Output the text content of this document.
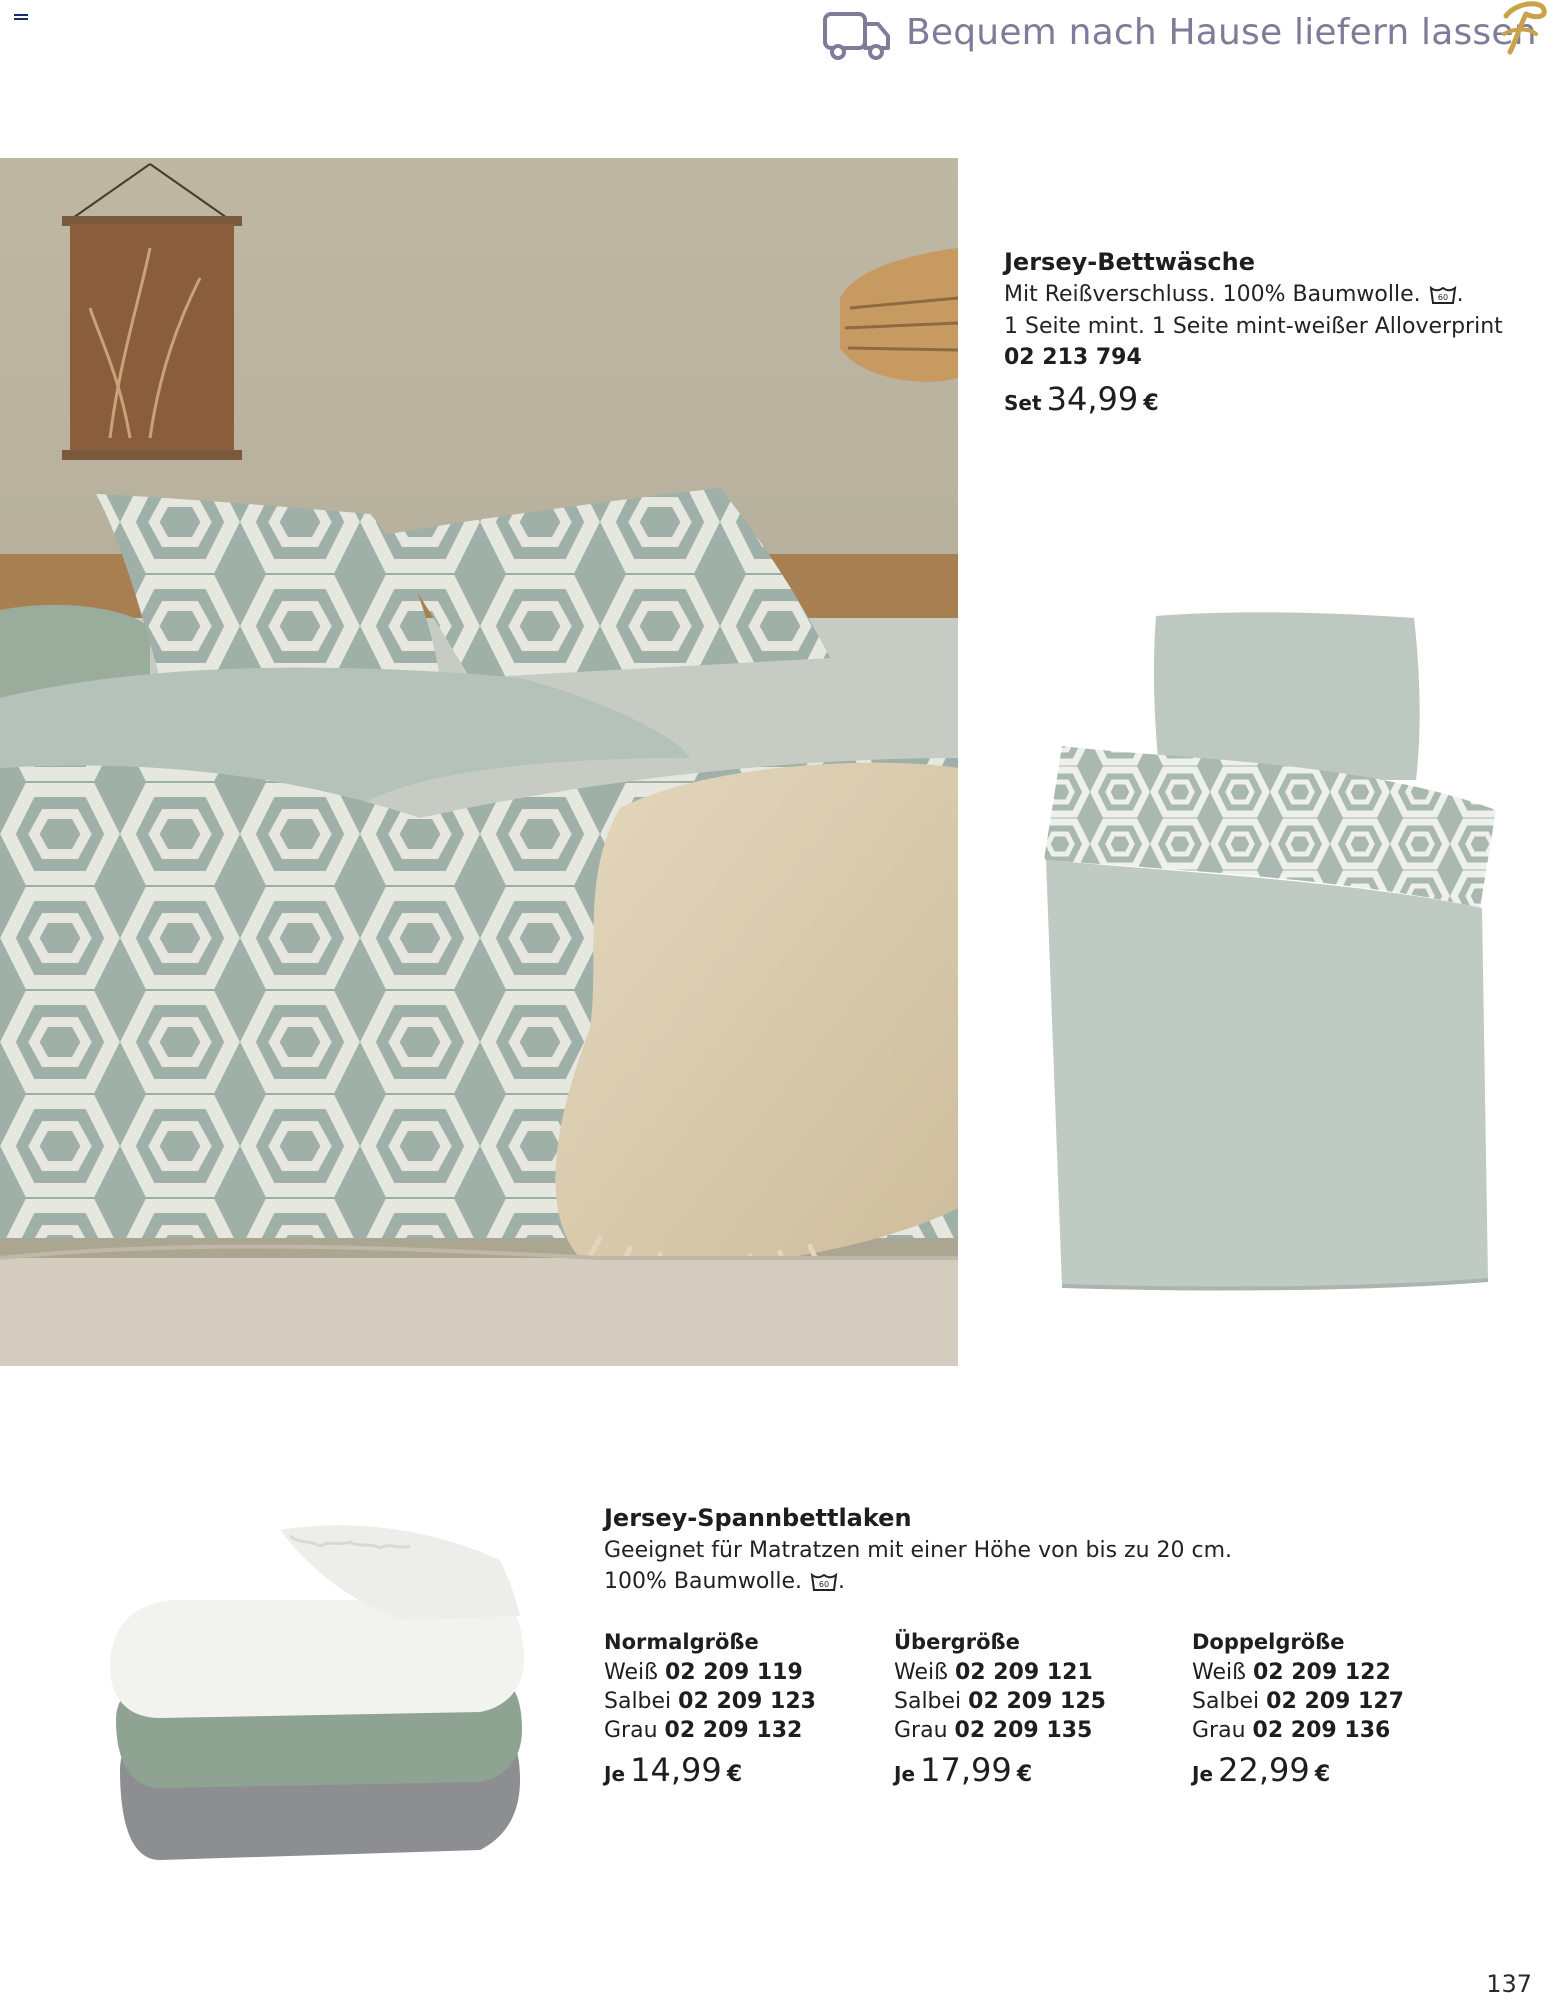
Bequem nach Hause liefern lassen
Jersey-Bettwäsche
Mit Reißverschluss. 100% Baumwolle. 60 .
1 Seite mint. 1 Seite mint-weißer Alloverprint
02 213 794
Set 34,99 €
Jersey-Spannbettlaken
Geeignet für Matratzen mit einer Höhe von bis zu 20 cm.
100% Baumwolle. 60 .
Normalgröße
Weiß 02 209 119
Salbei 02 209 123
Grau 02 209 132
Je 14,99 €
Übergröße
Weiß 02 209 121
Salbei 02 209 125
Grau 02 209 135
Je 17,99 €
Doppelgröße
Weiß 02 209 122
Salbei 02 209 127
Grau 02 209 136
Je 22,99 €
137
